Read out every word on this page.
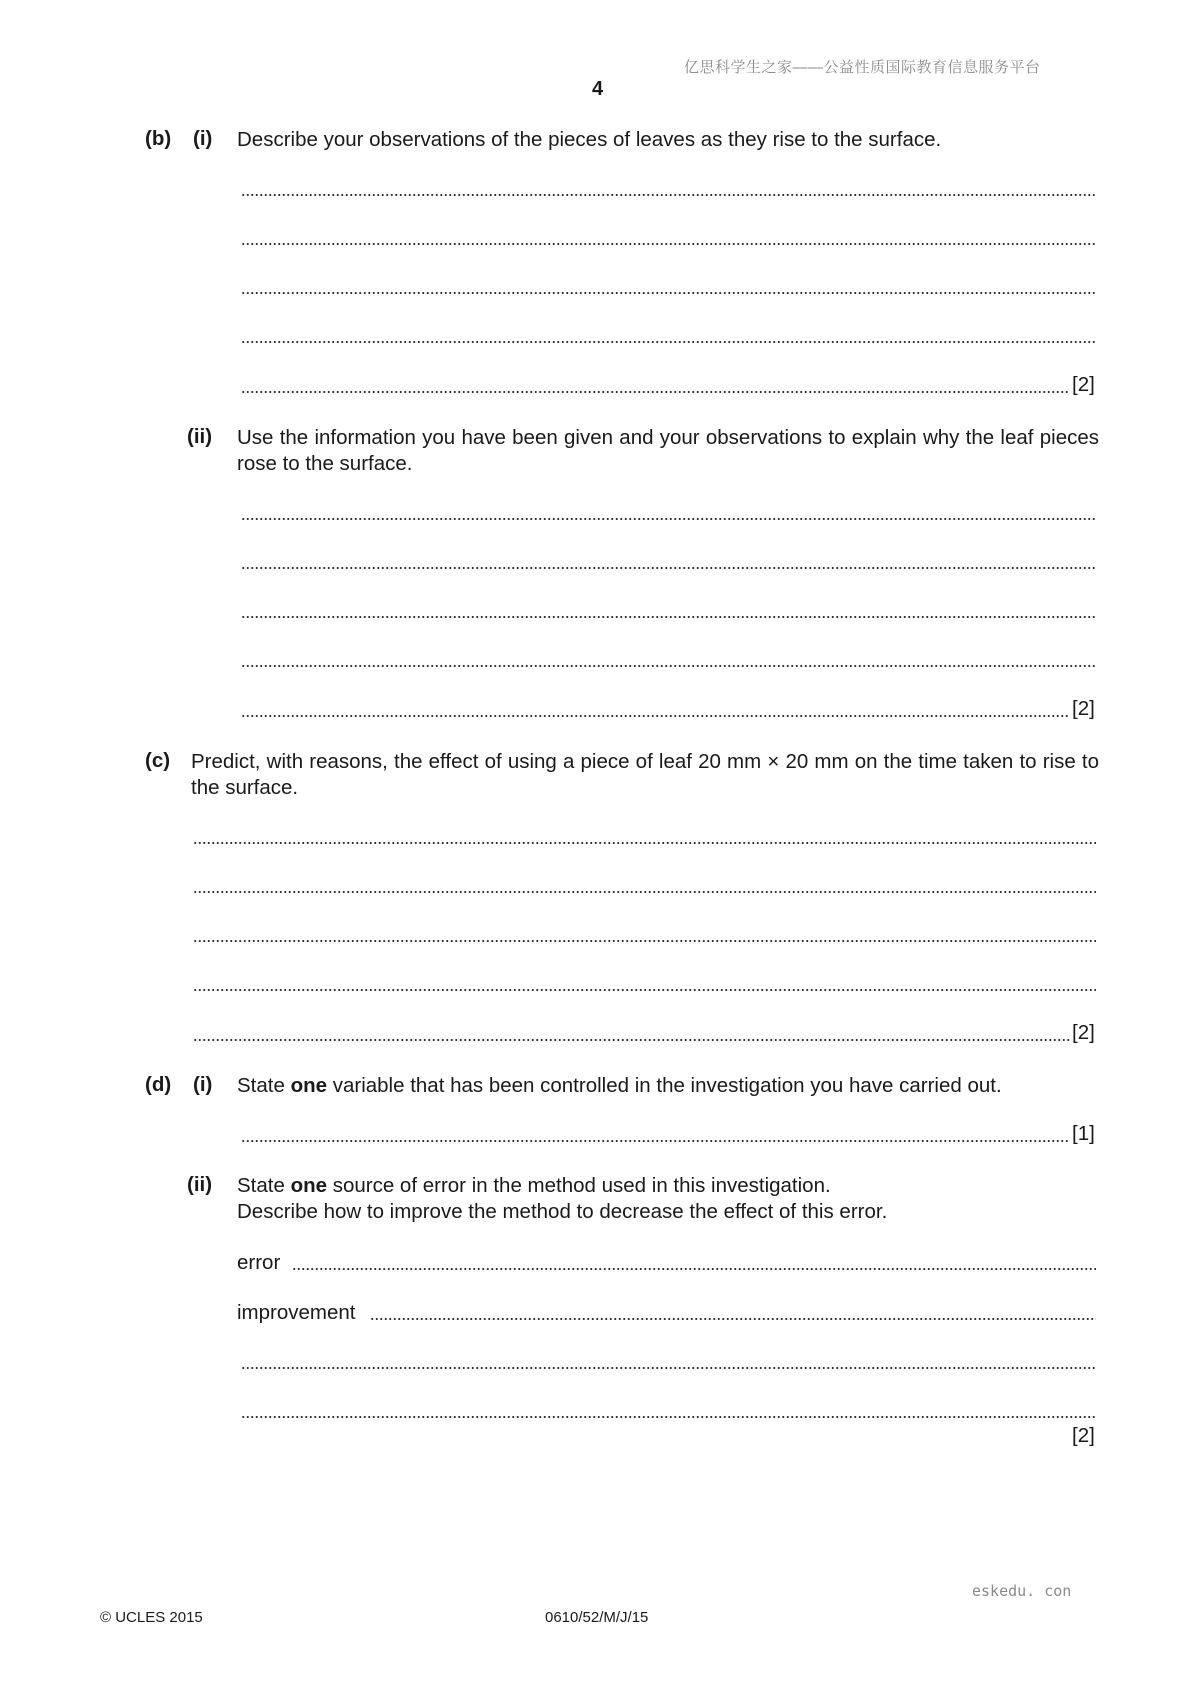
亿思科学生之家——公益性质国际教育信息服务平台
4
(b) (i) Describe your observations of the pieces of leaves as they rise to the surface.
[2]
(ii) Use the information you have been given and your observations to explain why the leaf pieces rose to the surface.
[2]
(c) Predict, with reasons, the effect of using a piece of leaf 20 mm × 20 mm on the time taken to rise to the surface.
[2]
(d) (i) State one variable that has been controlled in the investigation you have carried out.
[1]
(ii) State one source of error in the method used in this investigation.
Describe how to improve the method to decrease the effect of this error.
error
improvement
[2]
eskedu. con
© UCLES 2015	0610/52/M/J/15
